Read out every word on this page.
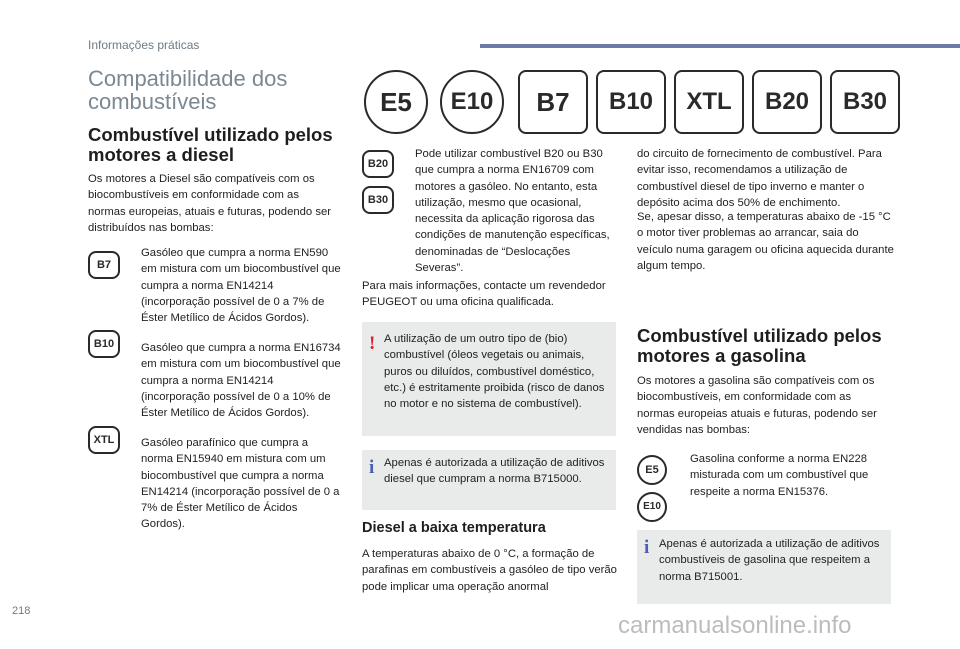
Informações práticas
Compatibilidade dos combustíveis	E5	E10	B7	B10	XTL	B20	B30
Combustível utilizado pelos motores a diesel
Os motores a Diesel são compatíveis com os biocombustíveis em conformidade com as normas europeias, atuais e futuras, podendo ser distribuídos nas bombas:
B7
Gasóleo que cumpra a norma EN590 em mistura com um biocombustível que cumpra a norma EN14214 (incorporação possível de 0 a 7% de Éster Metílico de Ácidos Gordos).
B10	Gasóleo que cumpra a norma EN16734 em mistura com um biocombustível que cumpra a norma EN14214 (incorporação possível de 0 a 10% de Éster Metílico de Ácidos Gordos).
XTL	Gasóleo parafínico que cumpra a norma EN15940 em mistura com um biocombustível que cumpra a norma EN14214 (incorporação possível de 0 a 7% de Éster Metílico de Ácidos Gordos).
B20
B30
Pode utilizar combustível B20 ou B30 que cumpra a norma EN16709 com motores a gasóleo. No entanto, esta utilização, mesmo que ocasional, necessita da aplicação rigorosa das condições de manutenção específicas, denominadas de “Deslocações Severas”.
Para mais informações, contacte um revendedor PEUGEOT ou uma oficina qualificada.
! A utilização de um outro tipo de (bio) combustível (óleos vegetais ou animais, puros ou diluídos, combustível doméstico, etc.) é estritamente proibida (risco de danos no motor e no sistema de combustível).
i Apenas é autorizada a utilização de aditivos diesel que cumpram a norma B715000.
Diesel a baixa temperatura
A temperaturas abaixo de 0 °C, a formação de parafinas em combustíveis a gasóleo de tipo verão pode implicar uma operação anormal
do circuito de fornecimento de combustível. Para evitar isso, recomendamos a utilização de combustível diesel de tipo inverno e manter o depósito acima dos 50% de enchimento.
Se, apesar disso, a temperaturas abaixo de -15 °C o motor tiver problemas ao arrancar, saia do veículo numa garagem ou oficina aquecida durante algum tempo.
Combustível utilizado pelos motores a gasolina
Os motores a gasolina são compatíveis com os biocombustíveis, em conformidade com as normas europeias atuais e futuras, podendo ser vendidas nas bombas:
E5
E10
Gasolina conforme a norma EN228 misturada com um combustível que respeite a norma EN15376.
i Apenas é autorizada a utilização de aditivos combustíveis de gasolina que respeitem a norma B715001.
218
carmanualsonline.info
